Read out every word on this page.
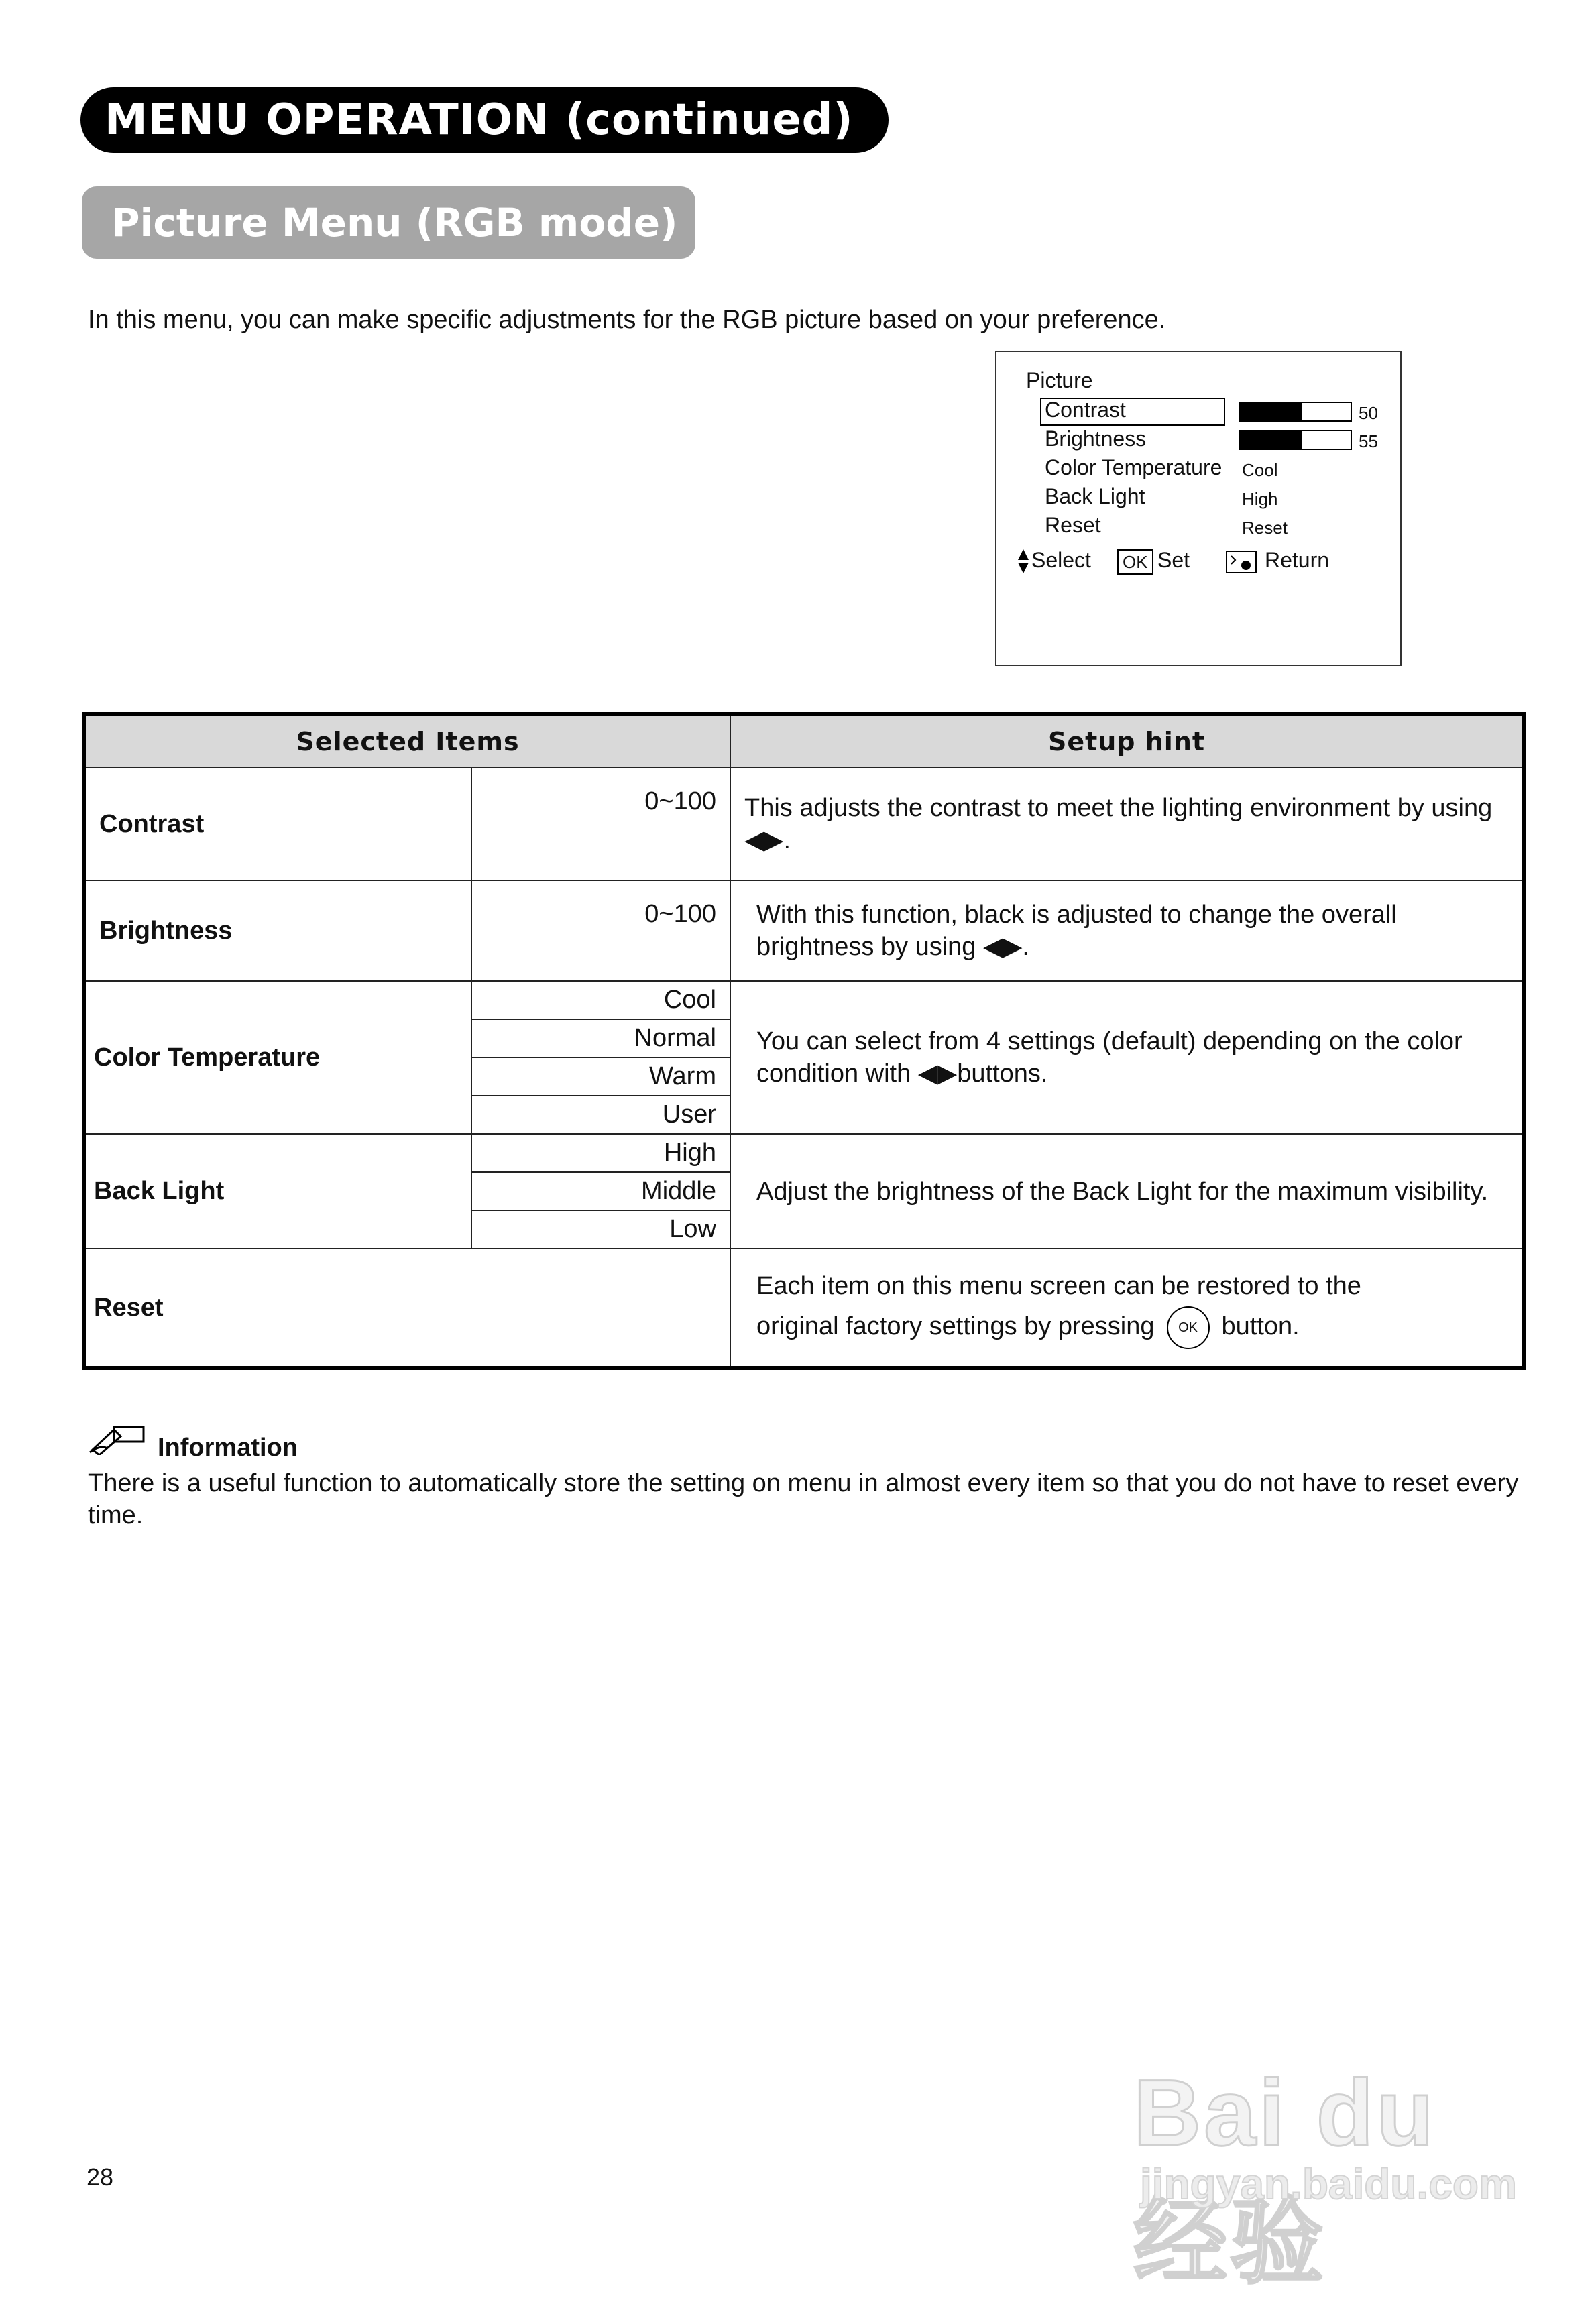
MENU OPERATION (continued)
Picture Menu (RGB mode)
In this menu, you can make specific adjustments for the RGB picture based on your preference.
Picture
Contrast
Brightness
Color Temperature
Back Light
Reset
50
55
Cool
High
Reset
Select	OK Set	Return
Selected Items		Setup hint
Contrast	0~100	This adjusts the contrast to meet the lighting environment by using ◀▶.
Brightness	0~100	With this function, black is adjusted to change the overall brightness by using ◀▶.
Color Temperature	Cool	You can select from 4 settings (default) depending on the color condition with ◀▶buttons.
	Normal	
	Warm	
	User	
Back Light	High	Adjust the brightness of the Back Light for the maximum visibility.
	Middle	
	Low	
Reset		Each item on this menu screen can be restored to the
original factory settings by pressing OK button.
Information
There is a useful function to automatically store the setting on menu in almost every item so that you do not have to reset every time.
28
Bai du 经验
jingyan.baidu.com
